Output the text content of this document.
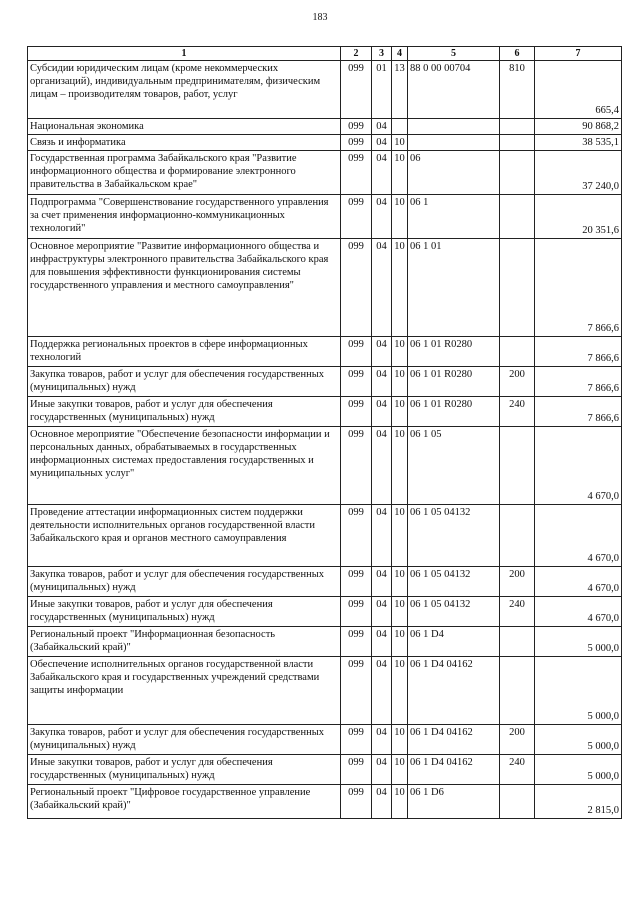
183
1	2	3	4	5	6	7
Субсидии юридическим лицам (кроме некоммерческих организаций), индивидуальным предпринимателям, физическим лицам – производителям товаров, работ, услуг	099	01	13	88 0 00 00704	810	665,4

Национальная экономика	099	04				90 868,2

Связь и информатика	099	04	10			38 535,1

Государственная программа Забайкальского края "Развитие информационного общества и формирование электронного правительства в Забайкальском крае"	099	04	10	06		37 240,0

Подпрограмма "Совершенствование государственного управления за счет применения информационно-коммуникационных технологий"	099	04	10	06 1		20 351,6

Основное мероприятие "Развитие информационного общества и инфраструктуры электронного правительства Забайкальского края для повышения эффективности функционирования системы государственного управления и местного самоуправления"	099	04	10	06 1 01		7 866,6

Поддержка региональных проектов в сфере информационных технологий	099	04	10	06 1 01 R0280		7 866,6

Закупка товаров, работ и услуг для обеспечения государственных (муниципальных) нужд	099	04	10	06 1 01 R0280	200	7 866,6

Иные закупки товаров, работ и услуг для обеспечения государственных (муниципальных) нужд	099	04	10	06 1 01 R0280	240	7 866,6

Основное мероприятие "Обеспечение безопасности информации и персональных данных, обрабатываемых в государственных информационных системах предоставления государственных и муниципальных услуг"	099	04	10	06 1 05		4 670,0

Проведение аттестации информационных систем поддержки деятельности исполнительных органов государственной власти Забайкальского края и органов местного самоуправления	099	04	10	06 1 05 04132		4 670,0

Закупка товаров, работ и услуг для обеспечения государственных (муниципальных) нужд	099	04	10	06 1 05 04132	200	4 670,0

Иные закупки товаров, работ и услуг для обеспечения государственных (муниципальных) нужд	099	04	10	06 1 05 04132	240	4 670,0

Региональный проект "Информационная безопасность (Забайкальский край)"	099	04	10	06 1 D4		5 000,0

Обеспечение исполнительных органов государственной власти Забайкальского края и государственных учреждений средствами защиты информации	099	04	10	06 1 D4 04162		5 000,0

Закупка товаров, работ и услуг для обеспечения государственных (муниципальных) нужд	099	04	10	06 1 D4 04162	200	5 000,0

Иные закупки товаров, работ и услуг для обеспечения государственных (муниципальных) нужд	099	04	10	06 1 D4 04162	240	5 000,0

Региональный проект "Цифровое государственное управление (Забайкальский край)"	099	04	10	06 1 D6		2 815,0
